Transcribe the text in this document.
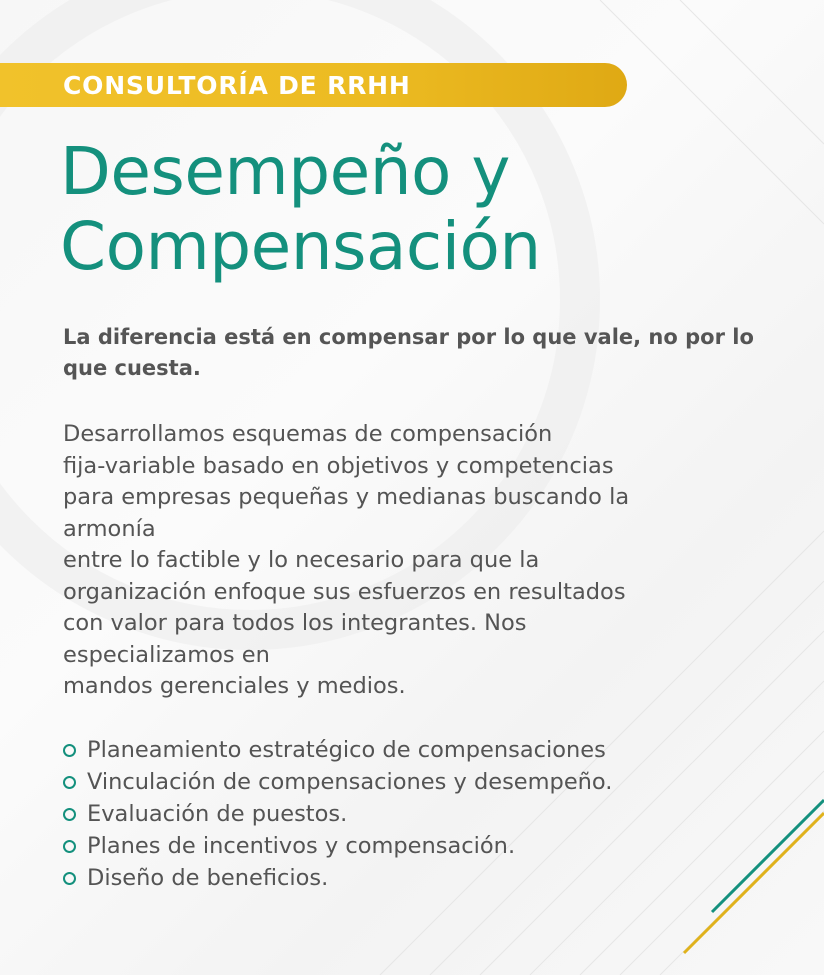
CONSULTORÍA DE RRHH
Desempeño y
Compensación

La diferencia está en compensar por lo que vale, no por lo que cuesta.

Desarrollamos esquemas de compensación
fija-variable basado en objetivos y competencias
para empresas pequeñas y medianas buscando la
armonía
entre lo factible y lo necesario para que la
organización enfoque sus esfuerzos en resultados
con valor para todos los integrantes. Nos
especializamos en
mandos gerenciales y medios.
Planeamiento estratégico de compensaciones
Vinculación de compensaciones y desempeño.
Evaluación de puestos.
Planes de incentivos y compensación.
Diseño de beneficios.
